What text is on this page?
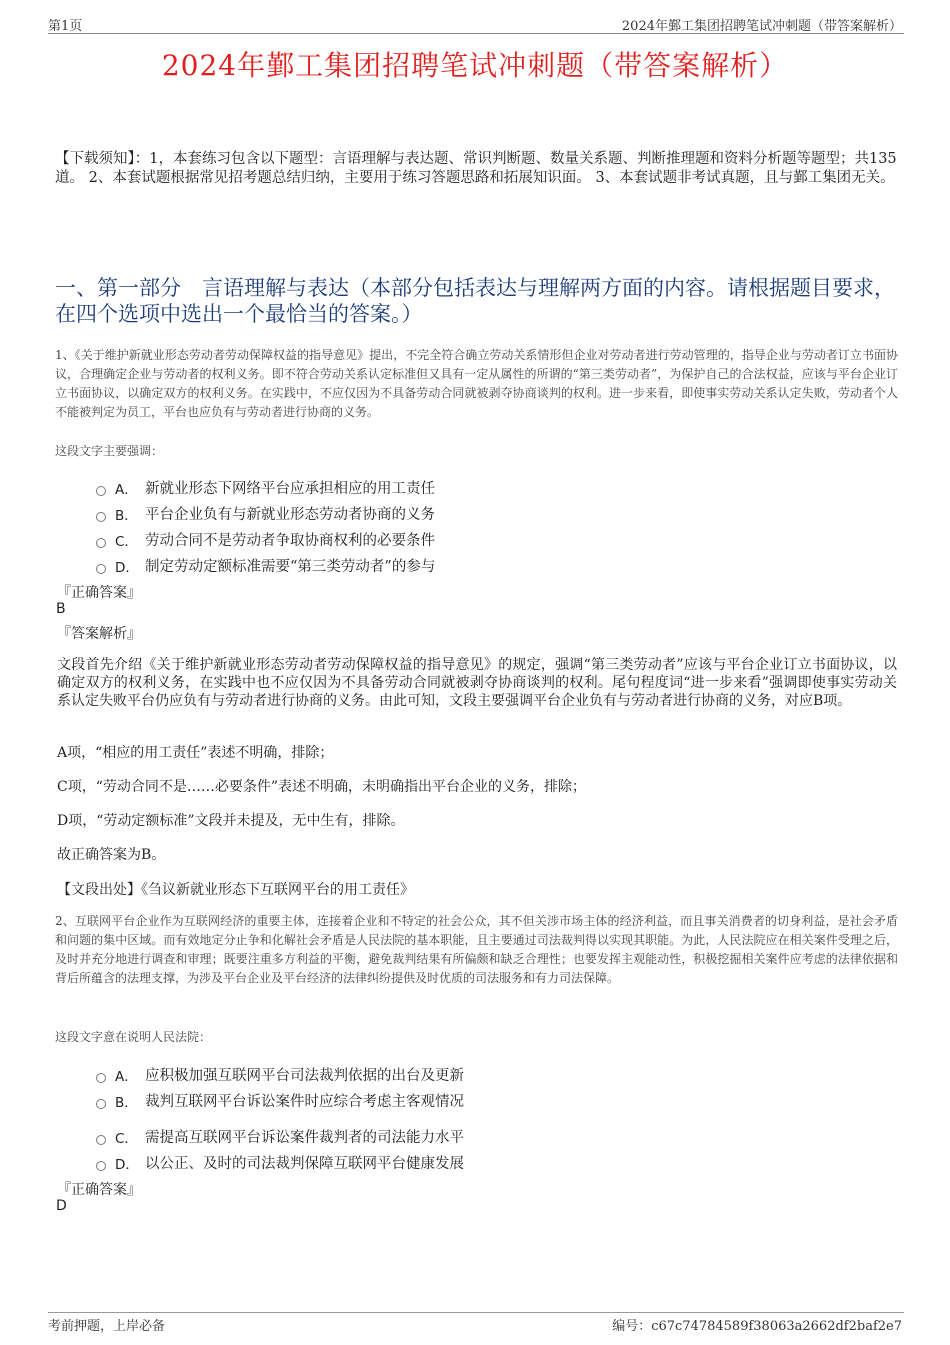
第1页	2024年鄞工集团招聘笔试冲刺题（带答案解析）
2024年鄞工集团招聘笔试冲刺题（带答案解析）
【下载须知】：1，本套练习包含以下题型：言语理解与表达题、常识判断题、数量关系题、判断推理题和资料分析题等题型；共135道。 2、本套试题根据常见招考题总结归纳，主要用于练习答题思路和拓展知识面。 3、本套试题非考试真题，且与鄞工集团无关。
一、第一部分　言语理解与表达（本部分包括表达与理解两方面的内容。请根据题目要求，在四个选项中选出一个最恰当的答案。）
1、《关于维护新就业形态劳动者劳动保障权益的指导意见》提出，不完全符合确立劳动关系情形但企业对劳动者进行劳动管理的，指导企业与劳动者订立书面协议，合理确定企业与劳动者的权利义务。即不符合劳动关系认定标准但又具有一定从属性的所谓的“第三类劳动者”，为保护自己的合法权益，应该与平台企业订立书面协议，以确定双方的权利义务。在实践中，不应仅因为不具备劳动合同就被剥夺协商谈判的权利。进一步来看，即使事实劳动关系认定失败，劳动者个人不能被判定为员工，平台也应负有与劳动者进行协商的义务。
这段文字主要强调：
A． 新就业形态下网络平台应承担相应的用工责任
B． 平台企业负有与新就业形态劳动者协商的义务
C． 劳动合同不是劳动者争取协商权利的必要条件
D． 制定劳动定额标准需要“第三类劳动者”的参与
『正确答案』
B
『答案解析』
文段首先介绍《关于维护新就业形态劳动者劳动保障权益的指导意见》的规定，强调“第三类劳动者”应该与平台企业订立书面协议，以确定双方的权利义务，在实践中也不应仅因为不具备劳动合同就被剥夺协商谈判的权利。尾句程度词“进一步来看”强调即使事实劳动关系认定失败平台仍应负有与劳动者进行协商的义务。由此可知，文段主要强调平台企业负有与劳动者进行协商的义务，对应B项。
A项，“相应的用工责任”表述不明确，排除；
C项，“劳动合同不是……必要条件”表述不明确，未明确指出平台企业的义务，排除；
D项，“劳动定额标准”文段并未提及，无中生有，排除。
故正确答案为B。
【文段出处】《刍议新就业形态下互联网平台的用工责任》
2、互联网平台企业作为互联网经济的重要主体，连接着企业和不特定的社会公众，其不但关涉市场主体的经济利益，而且事关消费者的切身利益，是社会矛盾和问题的集中区域。而有效地定分止争和化解社会矛盾是人民法院的基本职能，且主要通过司法裁判得以实现其职能。为此，人民法院应在相关案件受理之后，及时并充分地进行调查和审理；既要注重多方利益的平衡，避免裁判结果有所偏颇和缺乏合理性；也要发挥主观能动性，积极挖掘相关案件应考虑的法律依据和背后所蕴含的法理支撑，为涉及平台企业及平台经济的法律纠纷提供及时优质的司法服务和有力司法保障。
这段文字意在说明人民法院：
A． 应积极加强互联网平台司法裁判依据的出台及更新
B． 裁判互联网平台诉讼案件时应综合考虑主客观情况
C． 需提高互联网平台诉讼案件裁判者的司法能力水平
D． 以公正、及时的司法裁判保障互联网平台健康发展
『正确答案』
D
考前押题，上岸必备	编号：c67c74784589f38063a2662df2baf2e7
